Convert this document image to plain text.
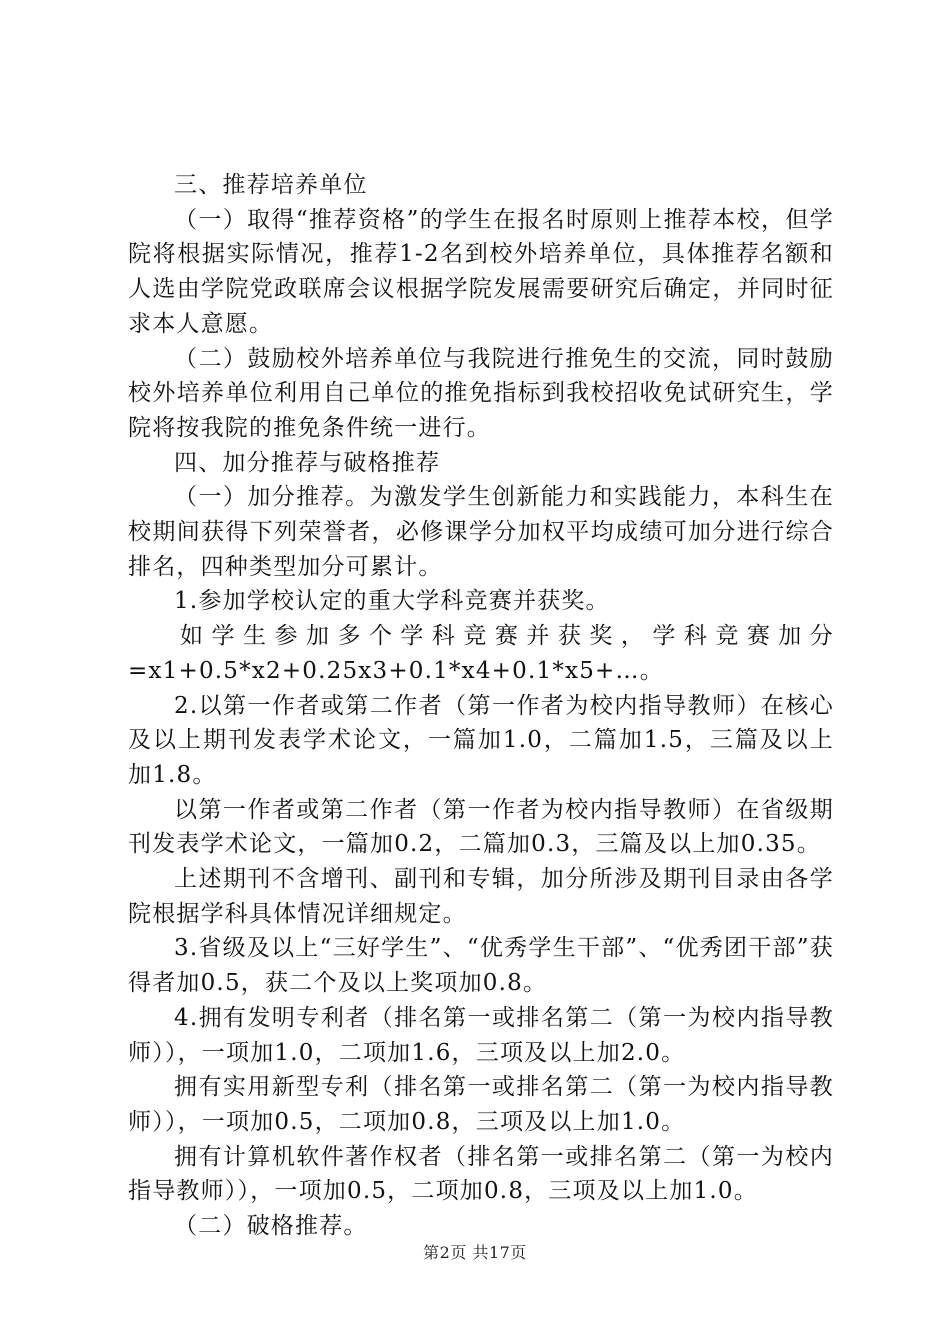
三、推荐培养单位

（一）取得“推荐资格”的学生在报名时原则上推荐本校，但学院将根据实际情况，推荐1-2名到校外培养单位，具体推荐名额和人选由学院党政联席会议根据学院发展需要研究后确定，并同时征求本人意愿。

（二）鼓励校外培养单位与我院进行推免生的交流，同时鼓励校外培养单位利用自己单位的推免指标到我校招收免试研究生，学院将按我院的推免条件统一进行。

四、加分推荐与破格推荐

（一）加分推荐。为激发学生创新能力和实践能力，本科生在校期间获得下列荣誉者，必修课学分加权平均成绩可加分进行综合排名，四种类型加分可累计。

1.参加学校认定的重大学科竞赛并获奖。

如学生参加多个学科竞赛并获奖，学科竞赛加分=x1+0.5*x2+0.25x3+0.1*x4+0.1*x5+…。

2.以第一作者或第二作者（第一作者为校内指导教师）在核心及以上期刊发表学术论文，一篇加1.0，二篇加1.5，三篇及以上加1.8。

以第一作者或第二作者（第一作者为校内指导教师）在省级期刊发表学术论文，一篇加0.2，二篇加0.3，三篇及以上加0.35。

上述期刊不含增刊、副刊和专辑，加分所涉及期刊目录由各学院根据学科具体情况详细规定。

3.省级及以上“三好学生”、“优秀学生干部”、“优秀团干部”获得者加0.5，获二个及以上奖项加0.8。

4.拥有发明专利者（排名第一或排名第二（第一为校内指导教师）），一项加1.0，二项加1.6，三项及以上加2.0。

拥有实用新型专利（排名第一或排名第二（第一为校内指导教师）），一项加0.5，二项加0.8，三项及以上加1.0。

拥有计算机软件著作权者（排名第一或排名第二（第一为校内指导教师）），一项加0.5，二项加0.8，三项及以上加1.0。

（二）破格推荐。

第2页 共17页
